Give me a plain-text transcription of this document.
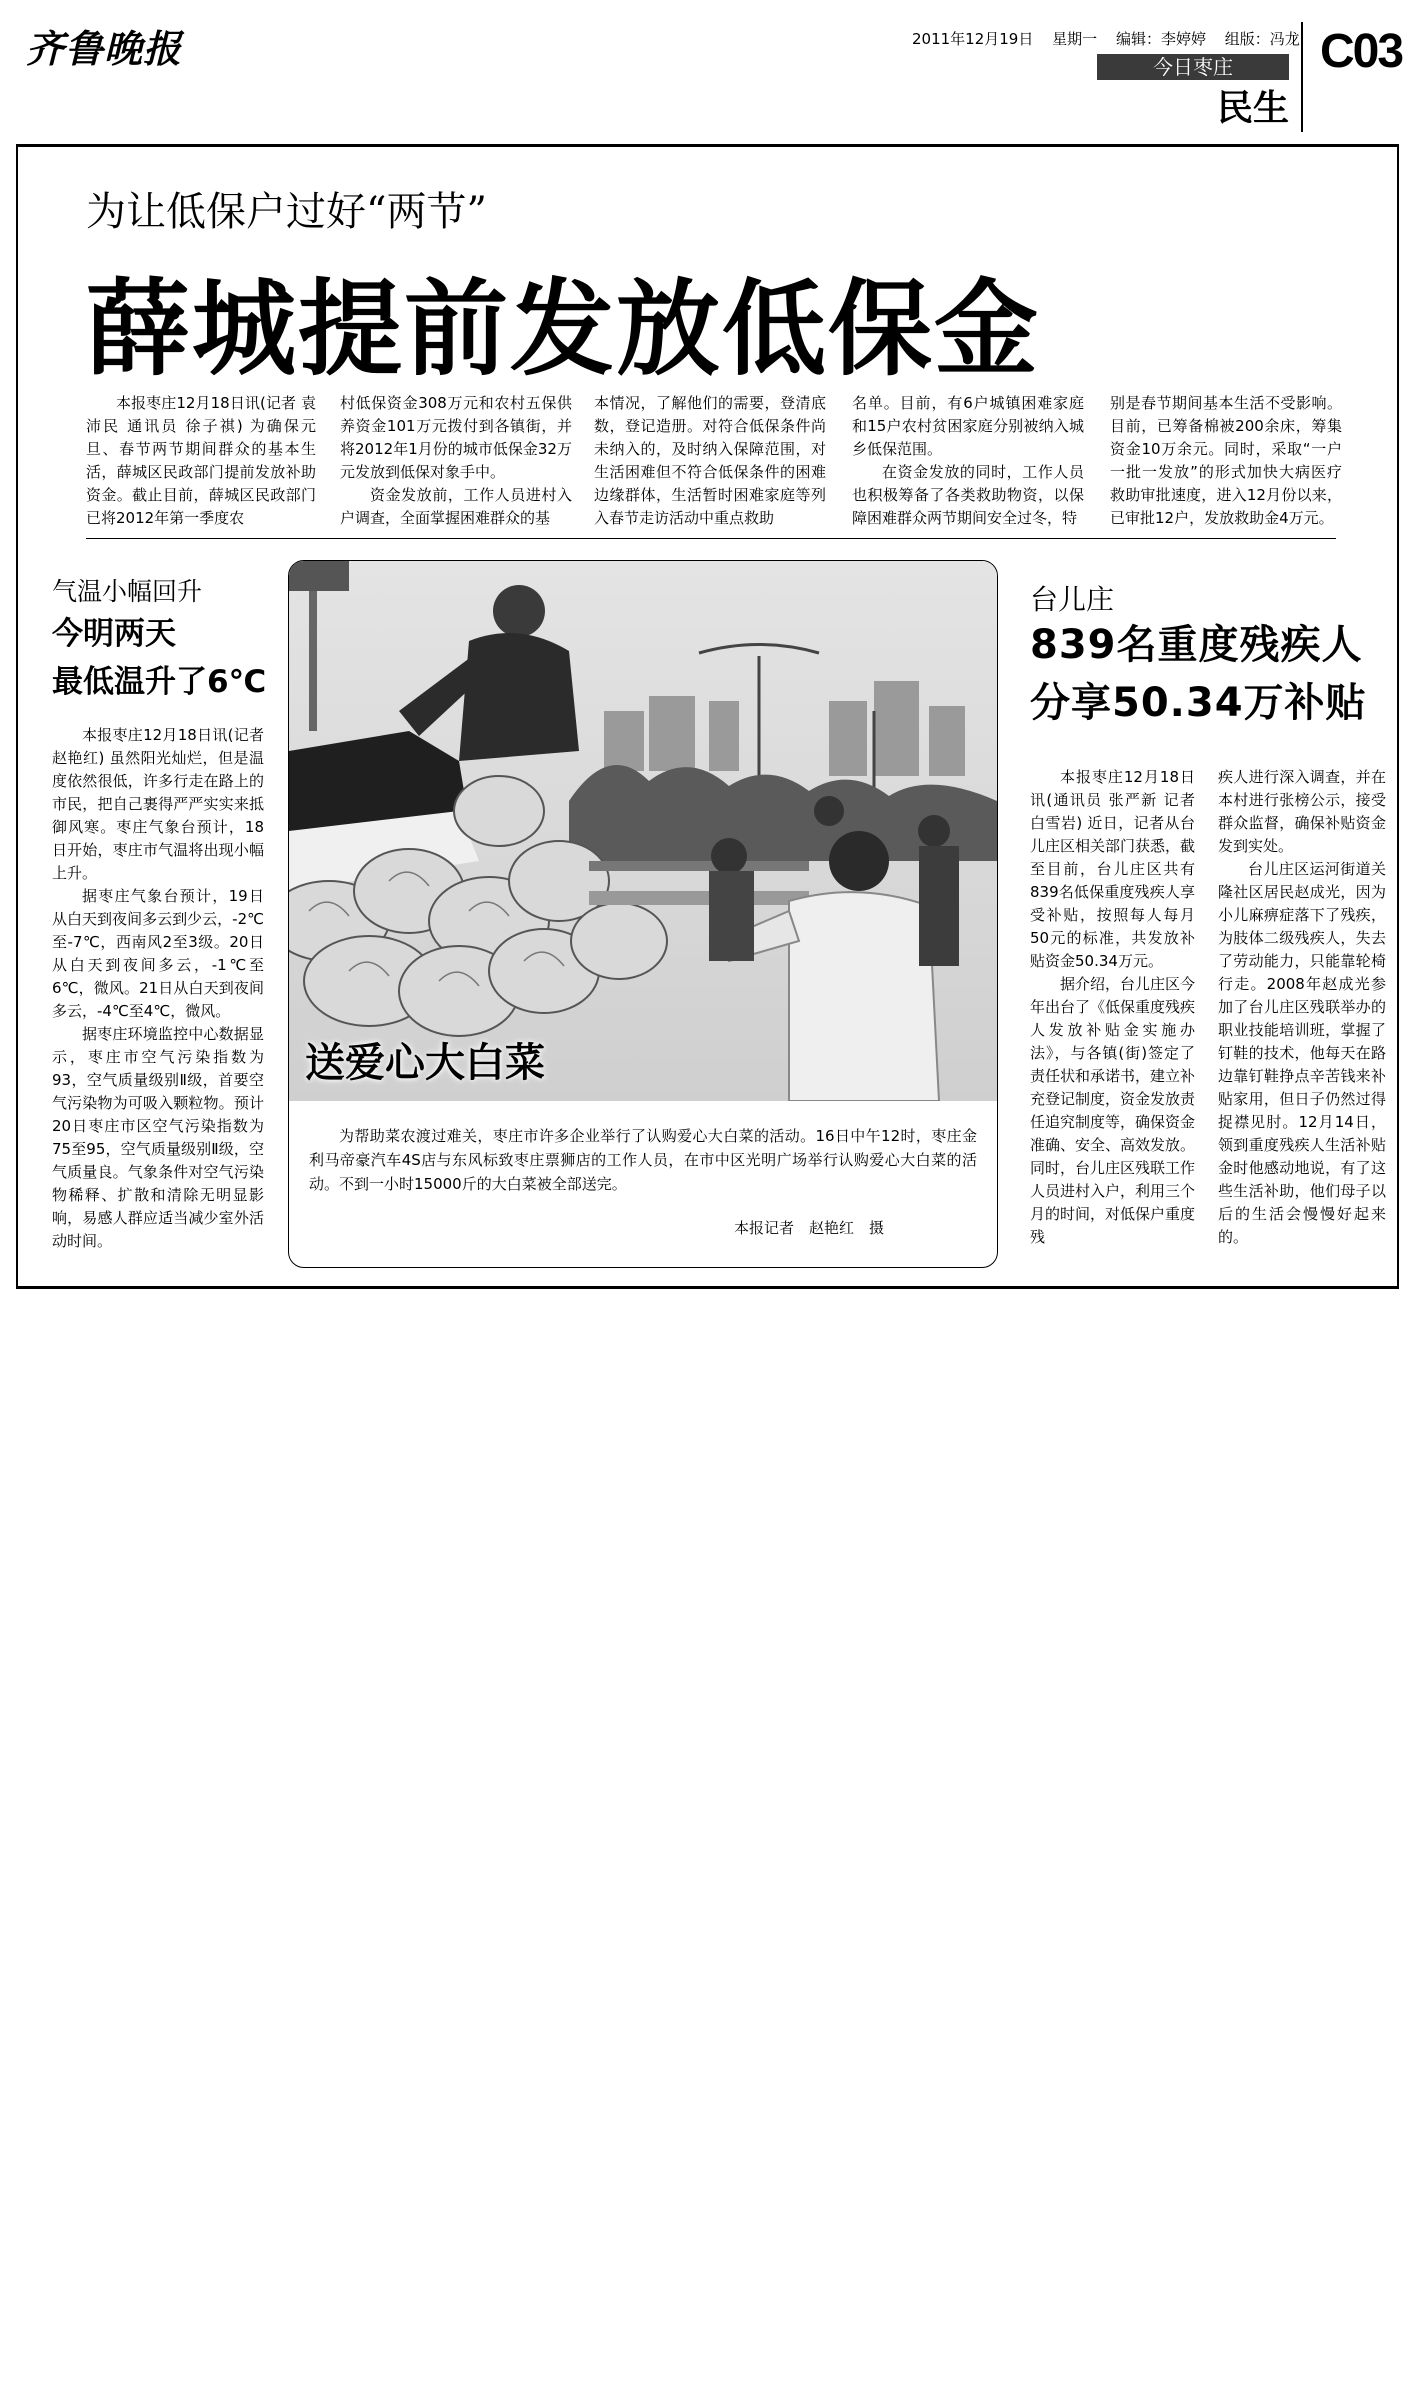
齐鲁晚报	2011年12月19日 星期一 编辑：李婷婷 组版：冯龙
今日枣庄
民生
C03
为让低保户过好“两节”
薛城提前发放低保金

本报枣庄12月18日讯(记者 袁沛民 通讯员 徐子祺) 为确保元旦、春节两节期间群众的基本生活，薛城区民政部门提前发放补助资金。截止目前，薛城区民政部门已将2012年第一季度农

村低保资金308万元和农村五保供养资金101万元拨付到各镇街，并将2012年1月份的城市低保金32万元发放到低保对象手中。

资金发放前，工作人员进村入户调查，全面掌握困难群众的基

本情况，了解他们的需要，登清底数，登记造册。对符合低保条件尚未纳入的，及时纳入保障范围，对生活困难但不符合低保条件的困难边缘群体，生活暂时困难家庭等列入春节走访活动中重点救助

名单。目前，有6户城镇困难家庭和15户农村贫困家庭分别被纳入城乡低保范围。

在资金发放的同时，工作人员也积极筹备了各类救助物资，以保障困难群众两节期间安全过冬，特

别是春节期间基本生活不受影响。目前，已筹备棉被200余床，筹集资金10万余元。同时，采取“一户一批一发放”的形式加快大病医疗救助审批速度，进入12月份以来，已审批12户，发放救助金4万元。

气温小幅回升
今明两天
最低温升了6℃

本报枣庄12月18日讯(记者 赵艳红) 虽然阳光灿烂，但是温度依然很低，许多行走在路上的市民，把自己裹得严严实实来抵御风寒。枣庄气象台预计，18日开始，枣庄市气温将出现小幅上升。

据枣庄气象台预计，19日从白天到夜间多云到少云，-2℃至-7℃，西南风2至3级。20日从白天到夜间多云，-1℃至6℃，微风。21日从白天到夜间多云，-4℃至4℃，微风。

据枣庄环境监控中心数据显示，枣庄市空气污染指数为93，空气质量级别Ⅱ级，首要空气污染物为可吸入颗粒物。预计20日枣庄市区空气污染指数为75至95，空气质量级别Ⅱ级，空气质量良。气象条件对空气污染物稀释、扩散和清除无明显影响，易感人群应适当减少室外活动时间。

送爱心大白菜

为帮助菜农渡过难关，枣庄市许多企业举行了认购爱心大白菜的活动。16日中午12时，枣庄金利马帝豪汽车4S店与东风标致枣庄票狮店的工作人员，在市中区光明广场举行认购爱心大白菜的活动。不到一小时15000斤的大白菜被全部送完。

本报记者　赵艳红　摄
台儿庄
839名重度残疾人
分享50.34万补贴

本报枣庄12月18日讯(通讯员 张严新 记者 白雪岩) 近日，记者从台儿庄区相关部门获悉，截至目前，台儿庄区共有839名低保重度残疾人享受补贴，按照每人每月50元的标准，共发放补贴资金50.34万元。

据介绍，台儿庄区今年出台了《低保重度残疾人发放补贴金实施办法》，与各镇(街)签定了责任状和承诺书，建立补充登记制度，资金发放责任追究制度等，确保资金准确、安全、高效发放。同时，台儿庄区残联工作人员进村入户，利用三个月的时间，对低保户重度残

疾人进行深入调查，并在本村进行张榜公示，接受群众监督，确保补贴资金发到实处。

台儿庄区运河街道关隆社区居民赵成光，因为小儿麻痹症落下了残疾，为肢体二级残疾人，失去了劳动能力，只能靠轮椅行走。2008年赵成光参加了台儿庄区残联举办的职业技能培训班，掌握了钉鞋的技术，他每天在路边靠钉鞋挣点辛苦钱来补贴家用，但日子仍然过得捉襟见肘。12月14日，领到重度残疾人生活补贴金时他感动地说，有了这些生活补助，他们母子以后的生活会慢慢好起来的。
